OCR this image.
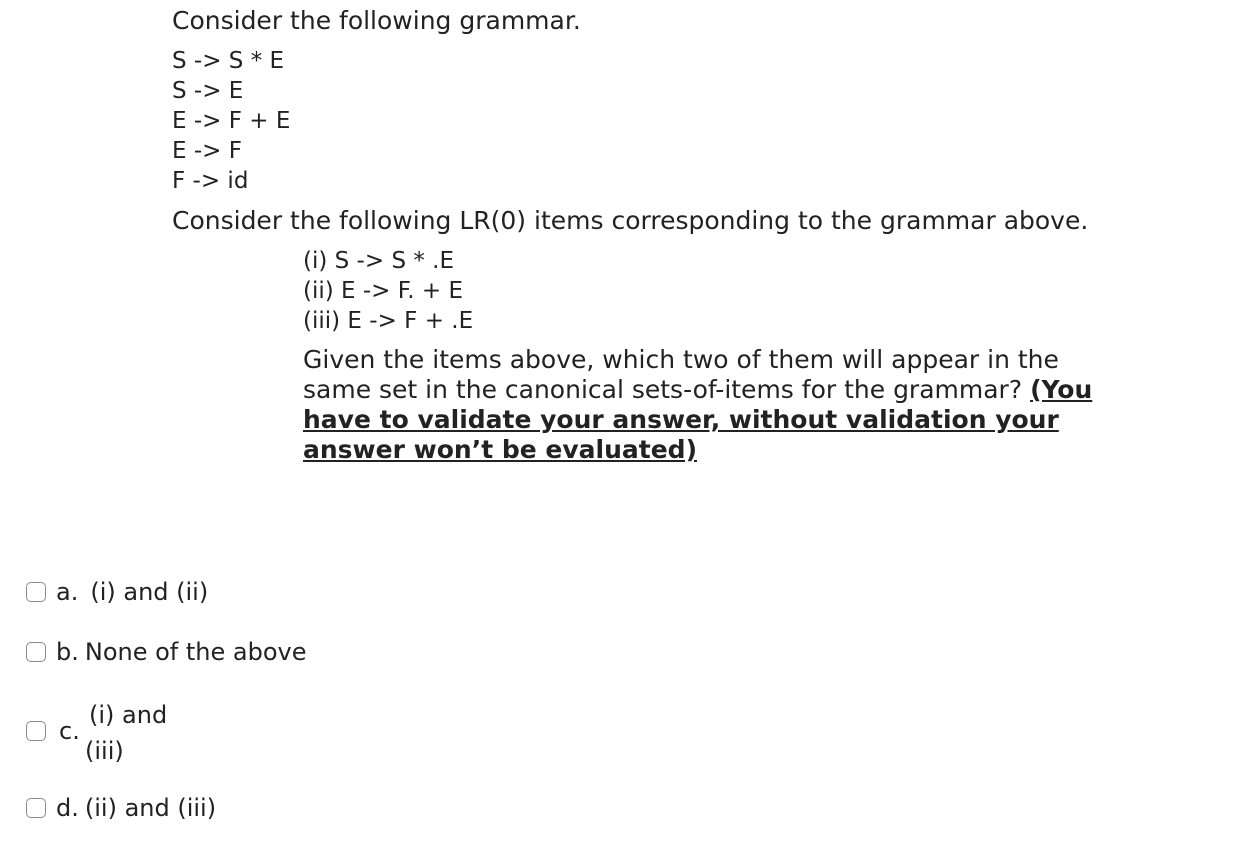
Consider the following grammar.
S -> S * E
S -> E
E -> F + E
E -> F
F -> id
Consider the following LR(0) items corresponding to the grammar above.
(i) S -> S * .E
(ii) E -> F. + E
(iii) E -> F + .E
Given the items above, which two of them will appear in the same set in the canonical sets-of-items for the grammar? (You have to validate your answer, without validation your answer won’t be evaluated)
a. (i) and (ii)
b. None of the above
c.
(i) and
(iii)
d. (ii) and (iii)
